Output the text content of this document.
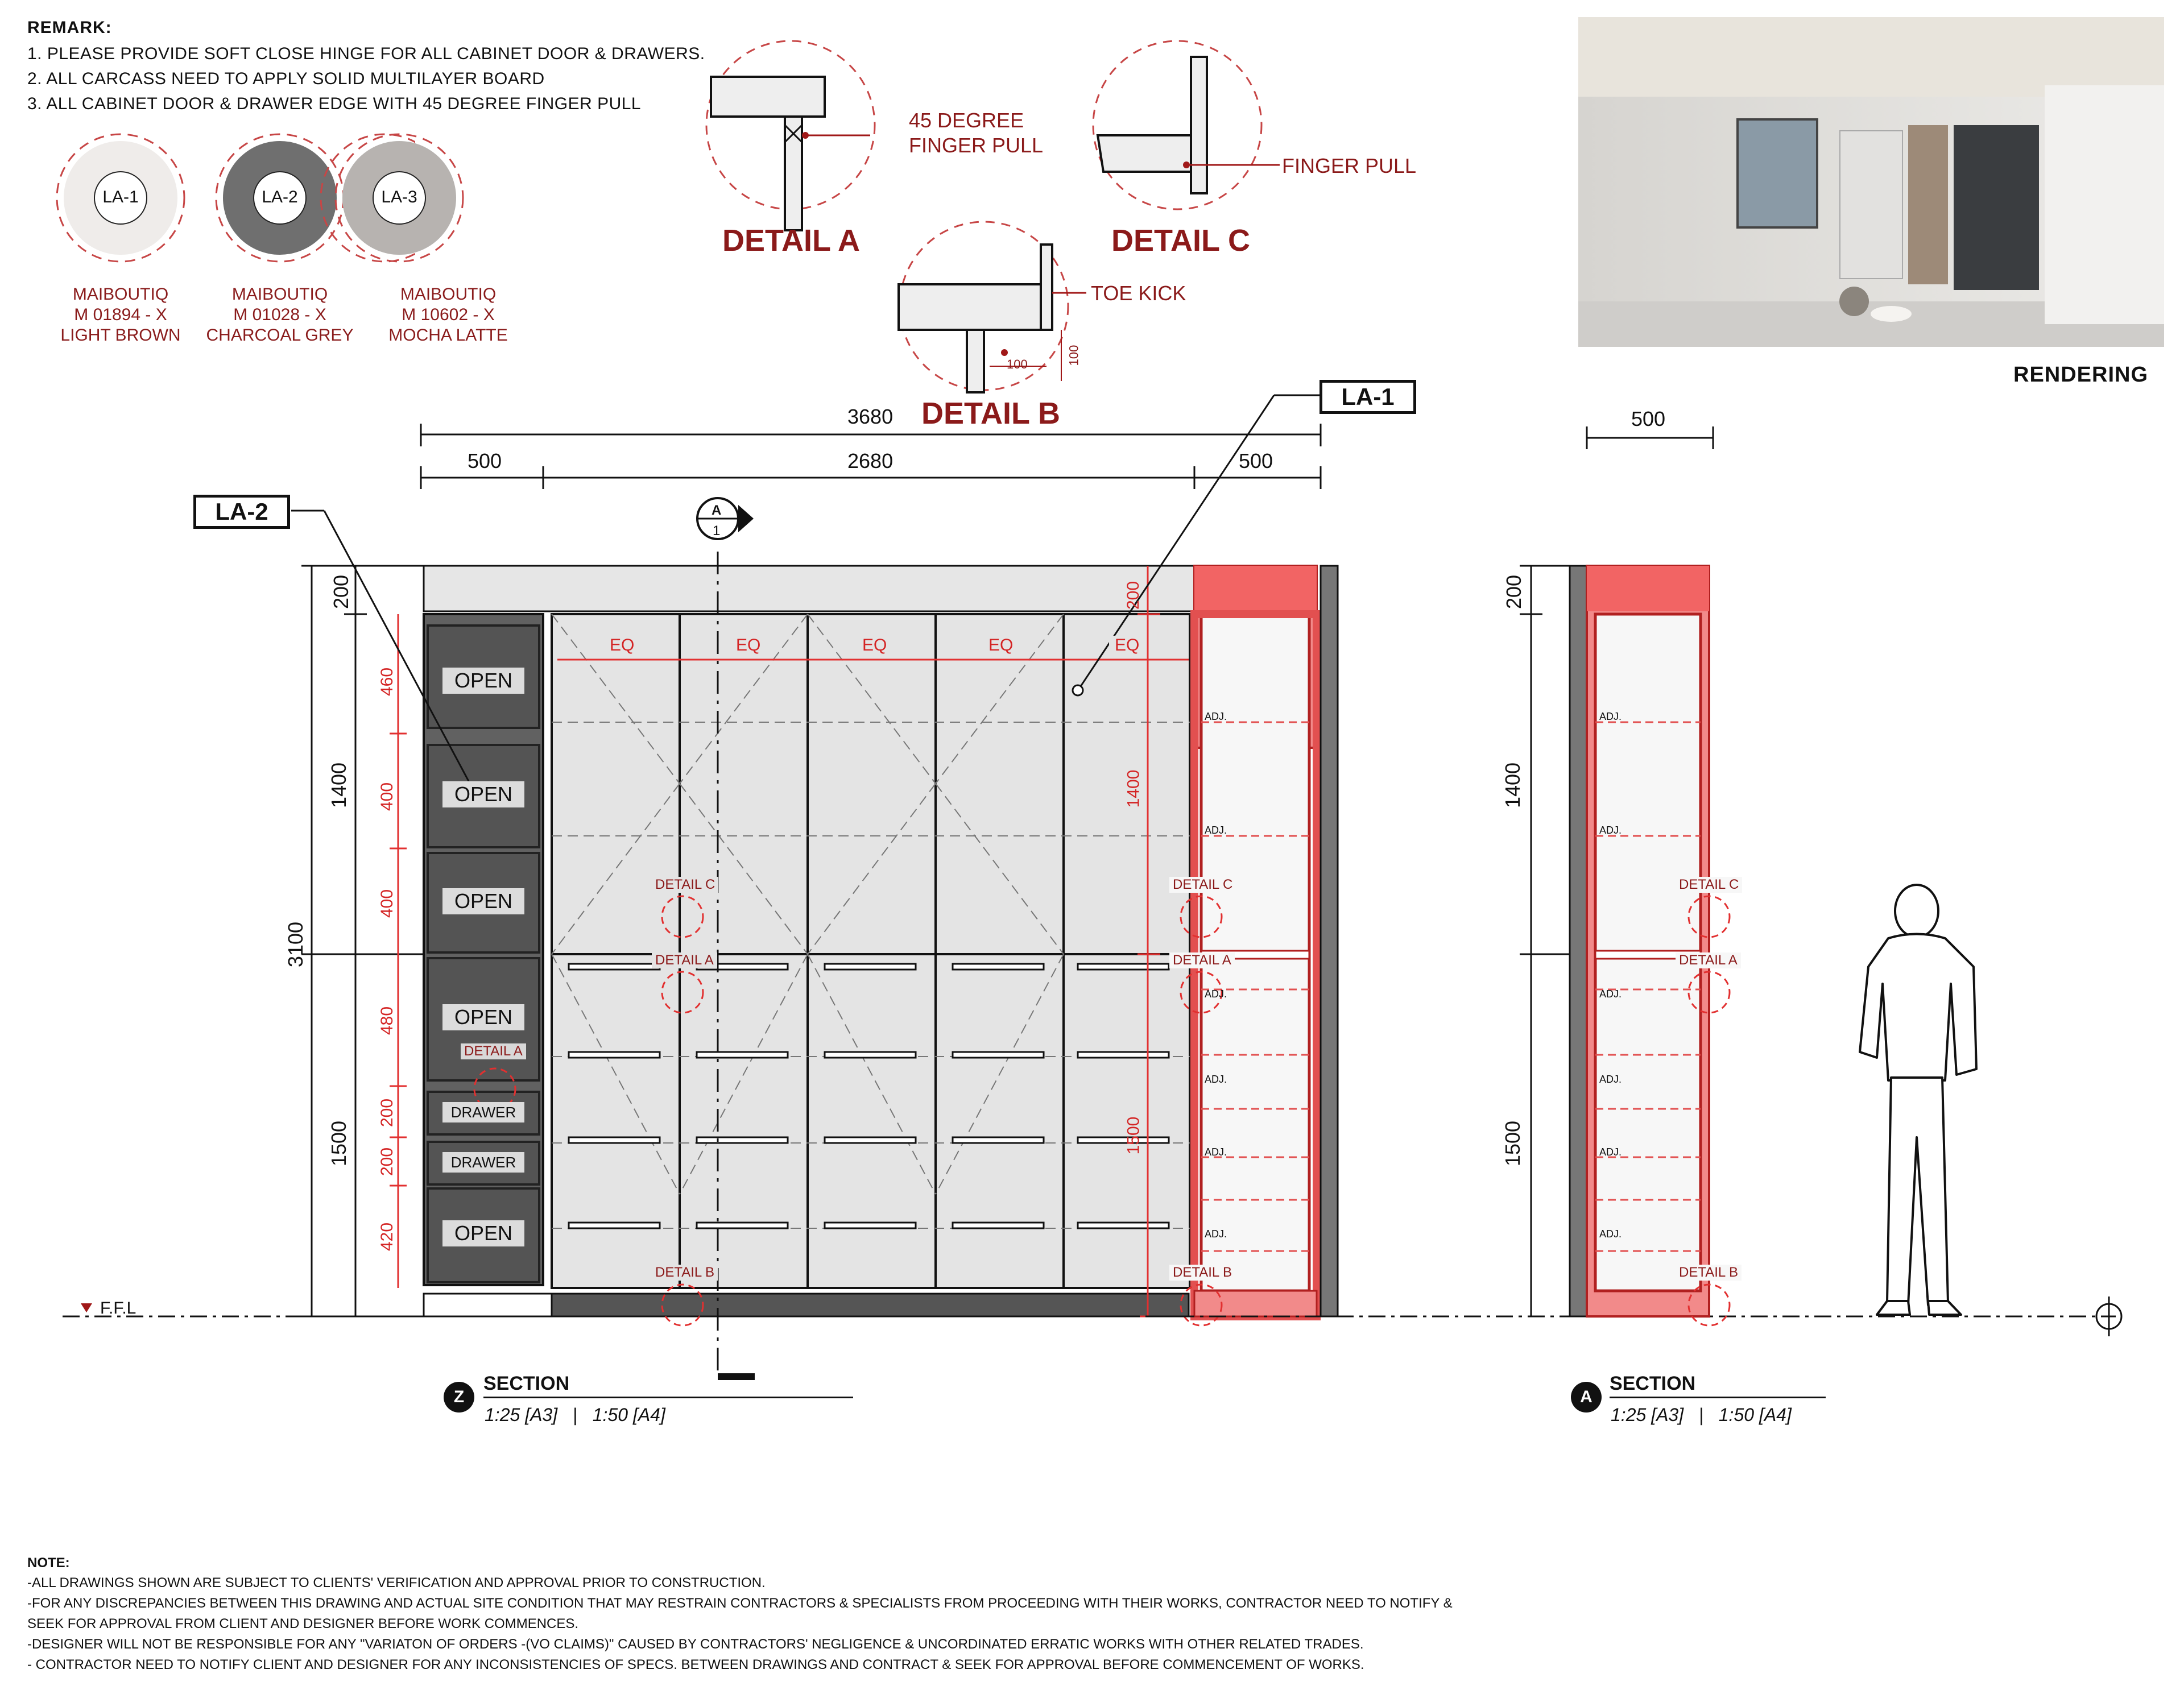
REMARK:
1. PLEASE PROVIDE SOFT CLOSE HINGE FOR ALL CABINET DOOR & DRAWERS.
2. ALL CARCASS NEED TO APPLY SOLID MULTILAYER BOARD
3. ALL CABINET DOOR & DRAWER EDGE WITH 45 DEGREE FINGER PULL
LA-1	LA-2	LA-3
MAIBOUTIQ
M 01894 - X
LIGHT BROWN
MAIBOUTIQ
M 01028 - X
CHARCOAL GREY
MAIBOUTIQ
M 10602 - X
MOCHA LATTE
45 DEGREE
FINGER PULL
DETAIL A
FINGER PULL
DETAIL C
TOE KICK
100	100
DETAIL B
RENDERING
3680
500	2680	500
LA-2
LA-1
A
1
3100
200
1400
1500
460
400
400
480
200
200
420
200
1400
1500
EQ	EQ	EQ	EQ	EQ
OPEN
OPEN
OPEN
OPEN
OPEN
DRAWER
DRAWER
DETAIL A
DETAIL C
DETAIL A
DETAIL B
DETAIL C
DETAIL A
DETAIL B
DETAIL C
DETAIL A
DETAIL B
ADJ.
ADJ.
ADJ.
ADJ.
ADJ.
ADJ.
ADJ.
ADJ.
ADJ.
ADJ.
ADJ.
ADJ.
F.F.L
500
200
1400
1500
Z
SECTION
1:25 [A3]   |   1:50 [A4]
A
SECTION
1:25 [A3]   |   1:50 [A4]
NOTE:
-ALL DRAWINGS SHOWN ARE SUBJECT TO CLIENTS' VERIFICATION AND APPROVAL PRIOR TO CONSTRUCTION.
-FOR ANY DISCREPANCIES BETWEEN THIS DRAWING AND ACTUAL SITE CONDITION THAT MAY RESTRAIN CONTRACTORS & SPECIALISTS FROM PROCEEDING WITH THEIR WORKS, CONTRACTOR NEED TO NOTIFY &
SEEK FOR APPROVAL FROM CLIENT AND DESIGNER BEFORE WORK COMMENCES.
-DESIGNER WILL NOT BE RESPONSIBLE FOR ANY "VARIATON OF ORDERS -(VO CLAIMS)" CAUSED BY CONTRACTORS' NEGLIGENCE & UNCORDINATED ERRATIC WORKS WITH OTHER RELATED TRADES.
- CONTRACTOR NEED TO NOTIFY CLIENT AND DESIGNER FOR ANY INCONSISTENCIES OF SPECS. BETWEEN DRAWINGS AND CONTRACT & SEEK FOR APPROVAL BEFORE COMMENCEMENT OF WORKS.
